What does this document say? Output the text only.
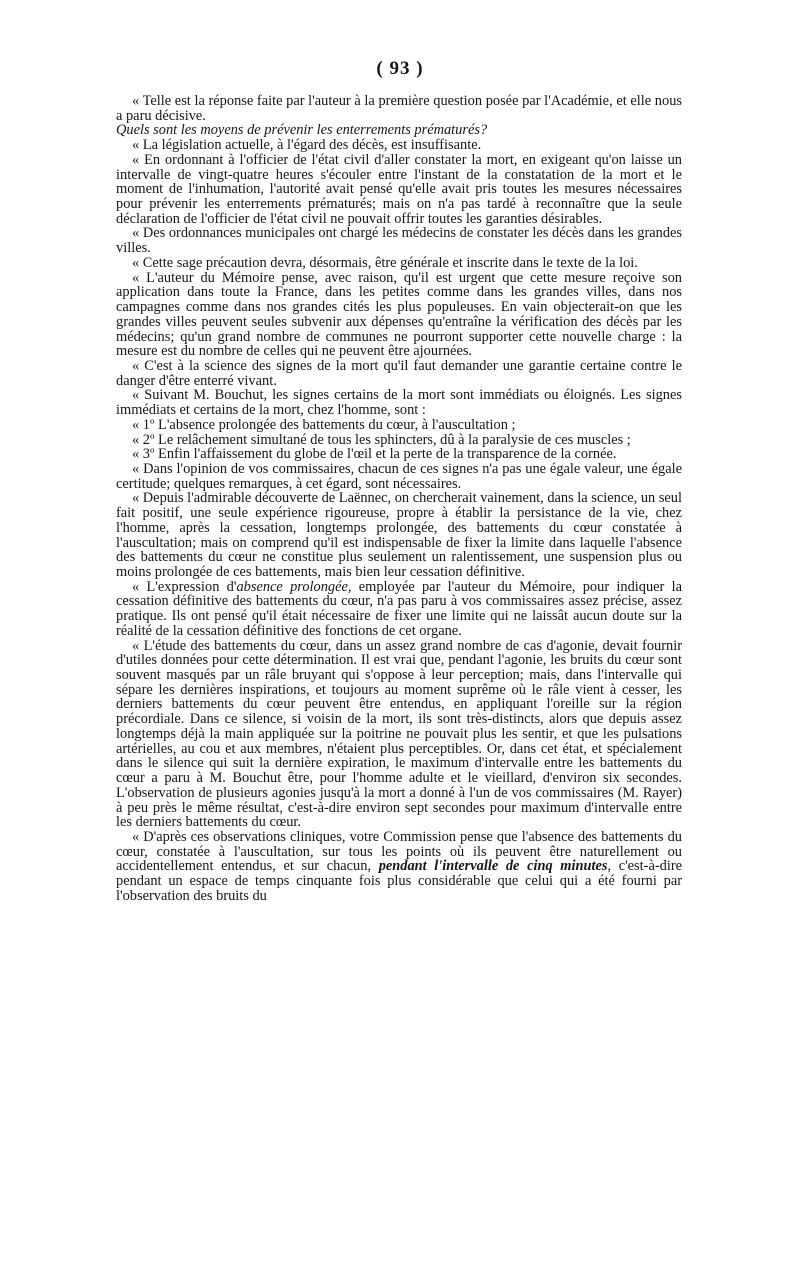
( 93 )

« Telle est la réponse faite par l'auteur à la première question posée par l'Académie, et elle nous a paru décisive.

Quels sont les moyens de prévenir les enterrements prématurés?

« La législation actuelle, à l'égard des décès, est insuffisante.

« En ordonnant à l'officier de l'état civil d'aller constater la mort, en exigeant qu'on laisse un intervalle de vingt-quatre heures s'écouler entre l'instant de la constatation de la mort et le moment de l'inhumation, l'autorité avait pensé qu'elle avait pris toutes les mesures nécessaires pour prévenir les enterrements prématurés; mais on n'a pas tardé à reconnaître que la seule déclaration de l'officier de l'état civil ne pouvait offrir toutes les garanties désirables.

« Des ordonnances municipales ont chargé les médecins de constater les décès dans les grandes villes.

« Cette sage précaution devra, désormais, être générale et inscrite dans le texte de la loi.

« L'auteur du Mémoire pense, avec raison, qu'il est urgent que cette mesure reçoive son application dans toute la France, dans les petites comme dans les grandes villes, dans nos campagnes comme dans nos grandes cités les plus populeuses. En vain objecterait-on que les grandes villes peuvent seules subvenir aux dépenses qu'entraîne la vérification des décès par les médecins; qu'un grand nombre de communes ne pourront supporter cette nouvelle charge : la mesure est du nombre de celles qui ne peuvent être ajournées.

« C'est à la science des signes de la mort qu'il faut demander une garantie certaine contre le danger d'être enterré vivant.

« Suivant M. Bouchut, les signes certains de la mort sont immédiats ou éloignés. Les signes immédiats et certains de la mort, chez l'homme, sont :

« 1º L'absence prolongée des battements du cœur, à l'auscultation ;

« 2º Le relâchement simultané de tous les sphincters, dû à la paralysie de ces muscles ;

« 3º Enfin l'affaissement du globe de l'œil et la perte de la transparence de la cornée.

« Dans l'opinion de vos commissaires, chacun de ces signes n'a pas une égale valeur, une égale certitude; quelques remarques, à cet égard, sont nécessaires.

« Depuis l'admirable découverte de Laënnec, on chercherait vainement, dans la science, un seul fait positif, une seule expérience rigoureuse, propre à établir la persistance de la vie, chez l'homme, après la cessation, longtemps prolongée, des battements du cœur constatée à l'auscultation; mais on comprend qu'il est indispensable de fixer la limite dans laquelle l'absence des battements du cœur ne constitue plus seulement un ralentissement, une suspension plus ou moins prolongée de ces battements, mais bien leur cessation définitive.

« L'expression d'absence prolongée, employée par l'auteur du Mémoire, pour indiquer la cessation définitive des battements du cœur, n'a pas paru à vos commissaires assez précise, assez pratique. Ils ont pensé qu'il était nécessaire de fixer une limite qui ne laissât aucun doute sur la réalité de la cessation définitive des fonctions de cet organe.

« L'étude des battements du cœur, dans un assez grand nombre de cas d'agonie, devait fournir d'utiles données pour cette détermination. Il est vrai que, pendant l'agonie, les bruits du cœur sont souvent masqués par un râle bruyant qui s'oppose à leur perception; mais, dans l'intervalle qui sépare les dernières inspirations, et toujours au moment suprême où le râle vient à cesser, les derniers battements du cœur peuvent être entendus, en appliquant l'oreille sur la région précordiale. Dans ce silence, si voisin de la mort, ils sont très-distincts, alors que depuis assez longtemps déjà la main appliquée sur la poitrine ne pouvait plus les sentir, et que les pulsations artérielles, au cou et aux membres, n'étaient plus perceptibles. Or, dans cet état, et spécialement dans le silence qui suit la dernière expiration, le maximum d'intervalle entre les battements du cœur a paru à M. Bouchut être, pour l'homme adulte et le vieillard, d'environ six secondes. L'observation de plusieurs agonies jusqu'à la mort a donné à l'un de vos commissaires (M. Rayer) à peu près le même résultat, c'est-à-dire environ sept secondes pour maximum d'intervalle entre les derniers battements du cœur.

« D'après ces observations cliniques, votre Commission pense que l'absence des battements du cœur, constatée à l'auscultation, sur tous les points où ils peuvent être naturellement ou accidentellement entendus, et sur chacun, pendant l'intervalle de cinq minutes, c'est-à-dire pendant un espace de temps cinquante fois plus considérable que celui qui a été fourni par l'observation des bruits du
